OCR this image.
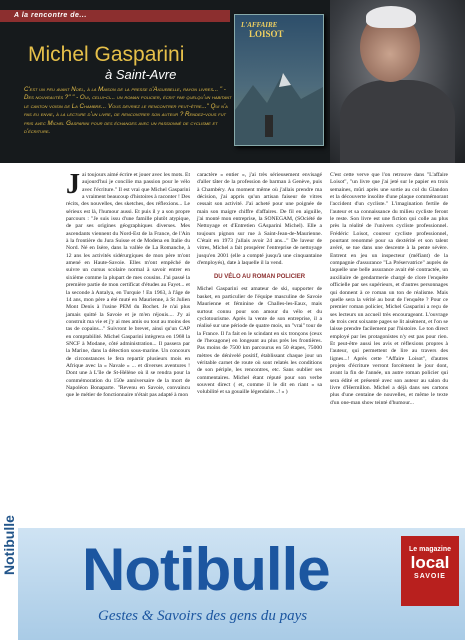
A la rencontre de...
Michel Gasparini
à Saint-Avre

C'est un peu avant Noël, à la Maison de la presse d'Aiguebelle, rayon livres... " - Des nouveautés ?" " - Oui, celui-ci... un roman policier, écrit par quelqu'un habitant le canton voisin de La Chambre... Vous devriez le rencontrer peut-être..." Qui n'a pas eu envie, à la lecture d'un livre, de rencontrer son auteur ? Rendez-vous fut pris avec Michel Gasparini pour des échanges avec un passionné de cyclisme et d'écriture.

L'AFFAIRE
LOISOT
Notibulle
J ai toujours aimé écrire et jouer avec les mots. Et aujourd'hui je concilie ma passion pour le vélo avec l'écriture." Il est vrai que Michel Gasparini a vraiment beaucoup d'histoires à raconter ! Des récits, des nouvelles, des sketches, des réflexions... Le sérieux est là, l'humour aussi. Et puis il y a son propre parcours : "Je suis issu d'une famille plutôt atypique, de par ses origines géographiques diverses. Mes ascendants viennent du Nord-Est de la France, de l'Ain à la frontière du Jura Suisse et de Modena en Italie du Nord. Né en Isère, dans la vallée de La Romanche, à 12 ans les activités sidérurgiques de mon père m'ont amené en Haute-Savoie. Elles m'ont empêché de suivre un cursus scolaire normal à savoir entrer en sixième comme la plupart de mes cousins. J'ai passé la première partie de mon certificat d'études au Fayet... et la seconde à Antalya, en Turquie ! En 1963, à l'âge de 14 ans, mon père a été muté en Maurienne, à St Julien Mont Denis à l'usine PEM du Bochet. Je n'ai plus jamais quitté la Savoie et je m'en réjouis.... J'y ai construit ma vie et j'y ai mes amis ou tout au moins des tas de copains..." Suivront le brevet, ainsi qu'un CAP en comptabilité. Michel Gasparini intègrera en 1968 la SNCF à Modane, côté administration... Il passera par la Marine, dans la détection sous-marine. Un concours de circonstances le fera repartir plusieurs mois en Afrique avec la « Navale » ... et diverses aventures ! Dont une à L'île de St-Hélène où il se rendra pour la commémoration du 150e anniversaire de la mort de Napoléon Bonaparte. "Revenu en Savoie, convaincu que le métier de fonctionnaire n'était pas adapté à mon

caractère « entier », j'ai très sérieusement envisagé d'aller tâter de la profession de barman à Genève, puis à Chambéry. Au moment même où j'allais prendre ma décision, j'ai appris qu'un artisan faiseur de vitres cessait son activité. J'ai acheté pour une poignée de main son maigre chiffre d'affaires. De fil en aiguille, j'ai monté mon entreprise, la SONEGAM, (SOciété de Nettoyage et d'Entretien GAsparini Michel). Elle a toujours pignon sur rue à Saint-Jean-de-Maurienne. C'était en 1973 j'allais avoir 24 ans..." De laveur de vitres, Michel a fait prospérer l'entreprise de nettoyage jusqu'en 2001 (elle a compté jusqu'à une cinquantaine d'employés), date à laquelle il la vend.

DU VÉLO AU ROMAN POLICIER

Michel Gasparini est amateur de ski, supporter de basket, en particulier de l'équipe masculine de Savoie Maurienne et féminine de Challes-les-Eaux, mais surtout connu pour son amour du vélo et du cyclotourisme. Après la vente de son entreprise, il a réalisé sur une période de quatre mois, un "vrai" tour de la France. Il l'a fait en le scindant en six tronçons (ceux de l'hexagone) en longeant au plus près les frontières. Pas moins de 7500 km parcourus en 50 étapes, 75000 mètres de dénivelé positif, établissant chaque jour un véritable carnet de route où sont relatés les conditions de son périple, les rencontres, etc. Sans oublier ses commentaires. Michel étant réputé pour son verbe souvent direct ( et, comme il le dit en riant « sa volubilité et sa gouaille légendaire...! » )

C'est cette verve que l'on retrouve dans "L'affaire Loisot", "un livre que j'ai jeté sur le papier en trois semaines, mûri après une sortie au col du Glandon et la découverte insolite d'une plaque commémorant l'accident d'un cycliste." L'imagination fertile de l'auteur et sa connaissance du milieu cycliste feront le reste. Son livre est une fiction qui colle au plus près la réalité de l'univers cycliste professionnel. Frédéric Loisot, coureur cycliste professionnel, pourtant renommé pour sa dextérité et son talent avéré, se tue dans une descente à la pente sévère. Entrent en jeu un inspecteur (méfiant) de la compagnie d'assurance "La Préservatrice" auprès de laquelle une belle assurance avait été contractée, un auxiliaire de gendarmerie chargé de clore l'enquête officielle par ses supérieurs, et d'autres personnages qui donnent à ce roman un ton de réalisme. Mais quelle sera la vérité au bout de l'enquête ? Pour ce premier roman policier, Michel Gasparini a reçu de ses lecteurs un accueil très encourageant. L'ouvrage de trois cent soixante pages se lit aisément, et l'on se laisse prendre facilement par l'histoire. Le ton direct employé par les protagonistes n'y est pas pour rien. Et peut-être aussi les avis et réflexions propres à l'auteur, qui permettent de lire au travers des lignes...! Après cette "Affaire Loisot", d'autres projets d'écriture verront forcément le jour dont, avant la fin de l'année, un autre roman policier qui sera édité et présenté avec son auteur au salon du livre d'Hermillon. Michel a déjà dans ses cartons plus d'une centaine de nouvelles, et même le texte d'un one-man show teinté d'humour...

Notibulle
Gestes & Savoirs des gens du pays
Le magazine
local
SAVOIE
